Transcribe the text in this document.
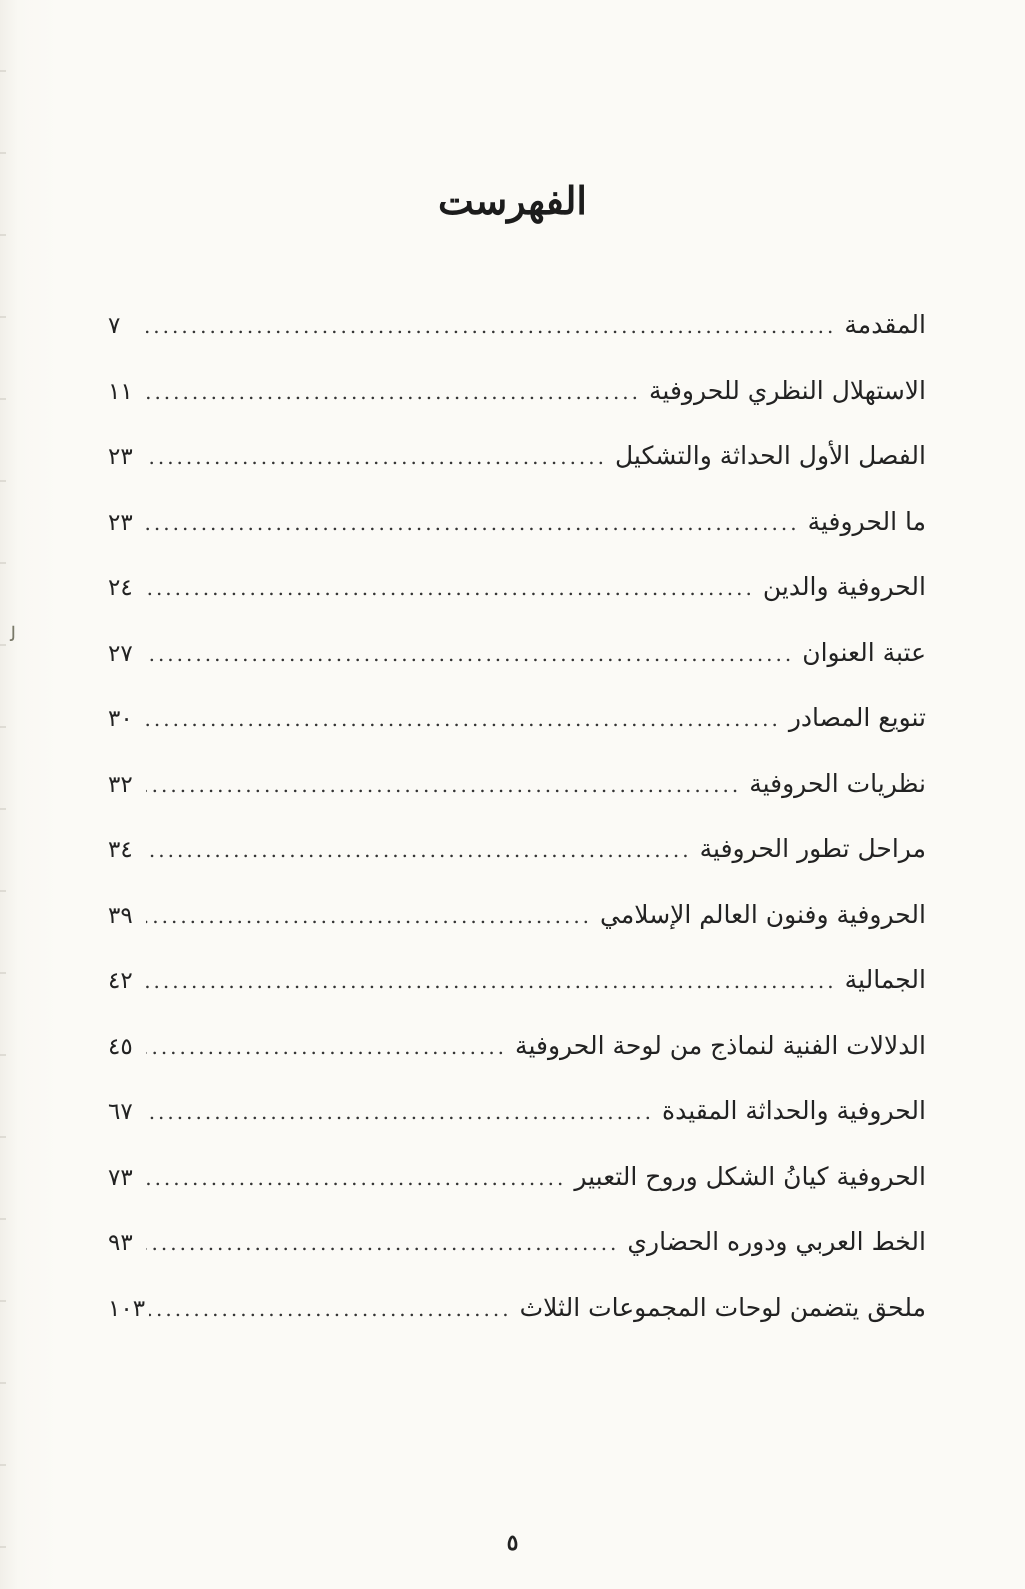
ﻟ
الفهرست
المقدمة
.....
٧
الاستهلال النظري للحروفية
.....
١١
الفصل الأول الحداثة والتشكيل
.....
٢٣
ما الحروفية
.....
٢٣
الحروفية والدين
.....
٢٤
عتبة العنوان
.....
٢٧
تنويع المصادر
.....
٣٠
نظريات الحروفية
.....
٣٢
مراحل تطور الحروفية
.....
٣٤
الحروفية وفنون العالم الإسلامي
.....
٣٩
الجمالية
.....
٤٢
الدلالات الفنية لنماذج من لوحة الحروفية
.....
٤٥
الحروفية والحداثة المقيدة
.....
٦٧
الحروفية كيانُ الشكل وروح التعبير
.....
٧٣
الخط العربي ودوره الحضاري
.....
٩٣
ملحق يتضمن لوحات المجموعات الثلاث
.....
١٠٣
٥
